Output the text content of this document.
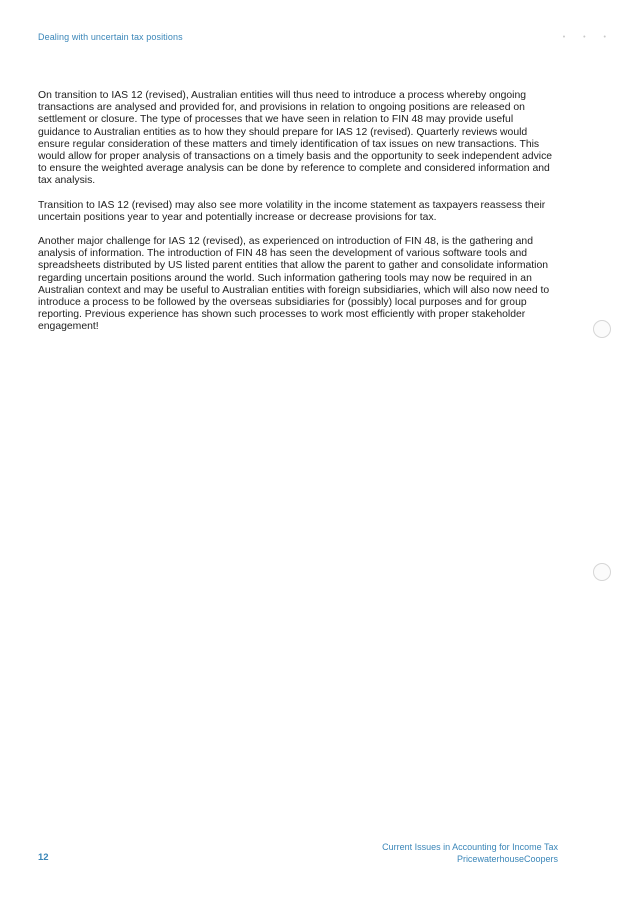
Dealing with uncertain tax positions	• • •

On transition to IAS 12 (revised), Australian entities will thus need to introduce a process whereby ongoing transactions are analysed and provided for, and provisions in relation to ongoing positions are released on settlement or closure. The type of processes that we have seen in relation to FIN 48 may provide useful guidance to Australian entities as to how they should prepare for IAS 12 (revised). Quarterly reviews would ensure regular consideration of these matters and timely identification of tax issues on new transactions. This would allow for proper analysis of transactions on a timely basis and the opportunity to seek independent advice to ensure the weighted average analysis can be done by reference to complete and considered information and tax analysis.

Transition to IAS 12 (revised) may also see more volatility in the income statement as taxpayers reassess their uncertain positions year to year and potentially increase or decrease provisions for tax.

Another major challenge for IAS 12 (revised), as experienced on introduction of FIN 48, is the gathering and analysis of information. The introduction of FIN 48 has seen the development of various software tools and spreadsheets distributed by US listed parent entities that allow the parent to gather and consolidate information regarding uncertain positions around the world. Such information gathering tools may now be required in an Australian context and may be useful to Australian entities with foreign subsidiaries, which will also now need to introduce a process to be followed by the overseas subsidiaries for (possibly) local purposes and for group reporting. Previous experience has shown such processes to work most efficiently with proper stakeholder engagement!

12
Current Issues in Accounting for Income Tax
PricewaterhouseCoopers
